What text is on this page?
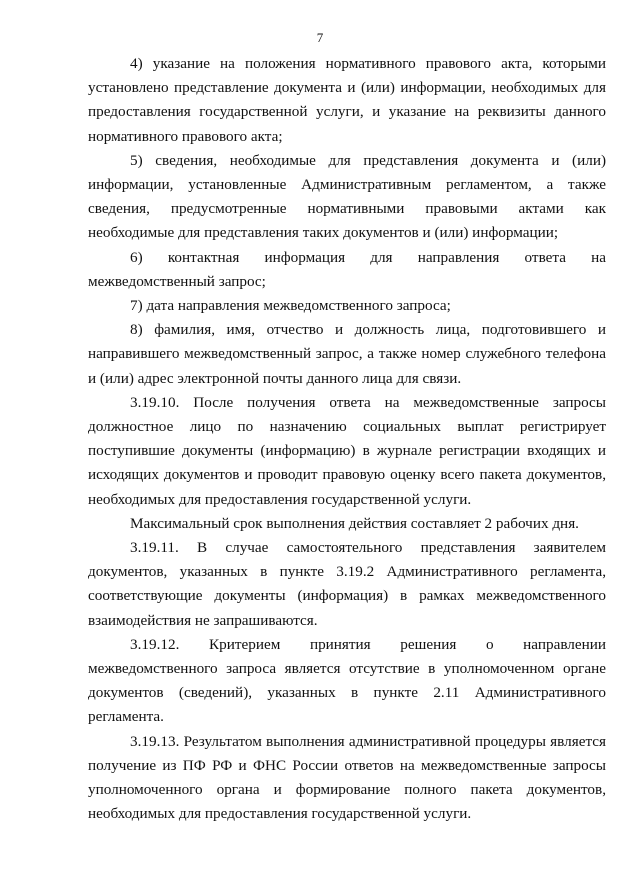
7

4) указание на положения нормативного правового акта, которыми установлено представление документа и (или) информации, необходимых для предоставления государственной услуги, и указание на реквизиты данного нормативного правового акта;

5) сведения, необходимые для представления документа и (или) информации, установленные Административным регламентом, а также сведения, предусмотренные нормативными правовыми актами как необходимые для представления таких документов и (или) информации;

6) контактная информация для направления ответа на межведомственный запрос;

7) дата направления межведомственного запроса;

8) фамилия, имя, отчество и должность лица, подготовившего и направившего межведомственный запрос, а также номер служебного телефона и (или) адрес электронной почты данного лица для связи.

3.19.10. После получения ответа на межведомственные запросы должностное лицо по назначению социальных выплат регистрирует поступившие документы (информацию) в журнале регистрации входящих и исходящих документов и проводит правовую оценку всего пакета документов, необходимых для предоставления государственной услуги.

Максимальный срок выполнения действия составляет 2 рабочих дня.

3.19.11. В случае самостоятельного представления заявителем документов, указанных в пункте 3.19.2 Административного регламента, соответствующие документы (информация) в рамках межведомственного взаимодействия не запрашиваются.

3.19.12. Критерием принятия решения о направлении межведомственного запроса является отсутствие в уполномоченном органе документов (сведений), указанных в пункте 2.11 Административного регламента.

3.19.13. Результатом выполнения административной процедуры является получение из ПФ РФ и ФНС России ответов на межведомственные запросы уполномоченного органа и формирование полного пакета документов, необходимых для предоставления государственной услуги.
